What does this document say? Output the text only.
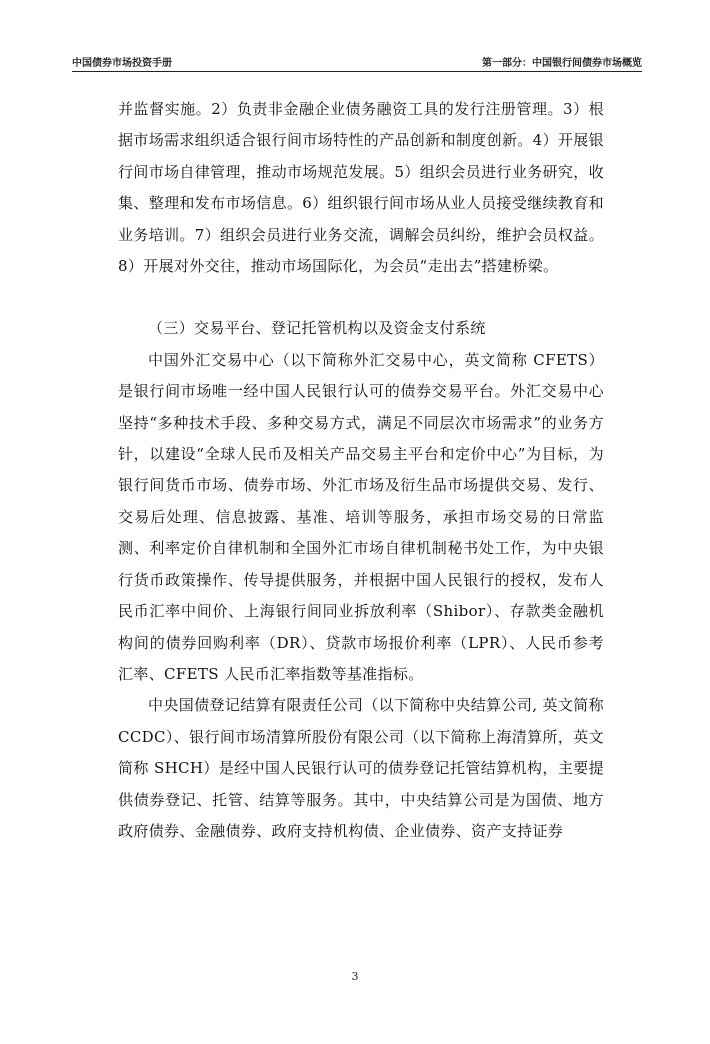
中国债券市场投资手册	第一部分：中国银行间债券市场概览

并监督实施。2）负责非金融企业债务融资工具的发行注册管理。3）根据市场需求组织适合银行间市场特性的产品创新和制度创新。4）开展银行间市场自律管理，推动市场规范发展。5）组织会员进行业务研究，收集、整理和发布市场信息。6）组织银行间市场从业人员接受继续教育和业务培训。7）组织会员进行业务交流，调解会员纠纷，维护会员权益。8）开展对外交往，推动市场国际化，为会员“走出去”搭建桥梁。

（三）交易平台、登记托管机构以及资金支付系统

中国外汇交易中心（以下简称外汇交易中心，英文简称 CFETS）是银行间市场唯一经中国人民银行认可的债券交易平台。外汇交易中心坚持“多种技术手段、多种交易方式，满足不同层次市场需求”的业务方针，以建设“全球人民币及相关产品交易主平台和定价中心”为目标，为银行间货币市场、债券市场、外汇市场及衍生品市场提供交易、发行、交易后处理、信息披露、基准、培训等服务，承担市场交易的日常监测、利率定价自律机制和全国外汇市场自律机制秘书处工作，为中央银行货币政策操作、传导提供服务，并根据中国人民银行的授权，发布人民币汇率中间价、上海银行间同业拆放利率（Shibor）、存款类金融机构间的债券回购利率（DR）、贷款市场报价利率（LPR）、人民币参考汇率、CFETS 人民币汇率指数等基准指标。

中央国债登记结算有限责任公司（以下简称中央结算公司, 英文简称 CCDC）、银行间市场清算所股份有限公司（以下简称上海清算所，英文简称 SHCH）是经中国人民银行认可的债券登记托管结算机构，主要提供债券登记、托管、结算等服务。其中，中央结算公司是为国债、地方政府债券、金融债券、政府支持机构债、企业债券、资产支持证券

3
